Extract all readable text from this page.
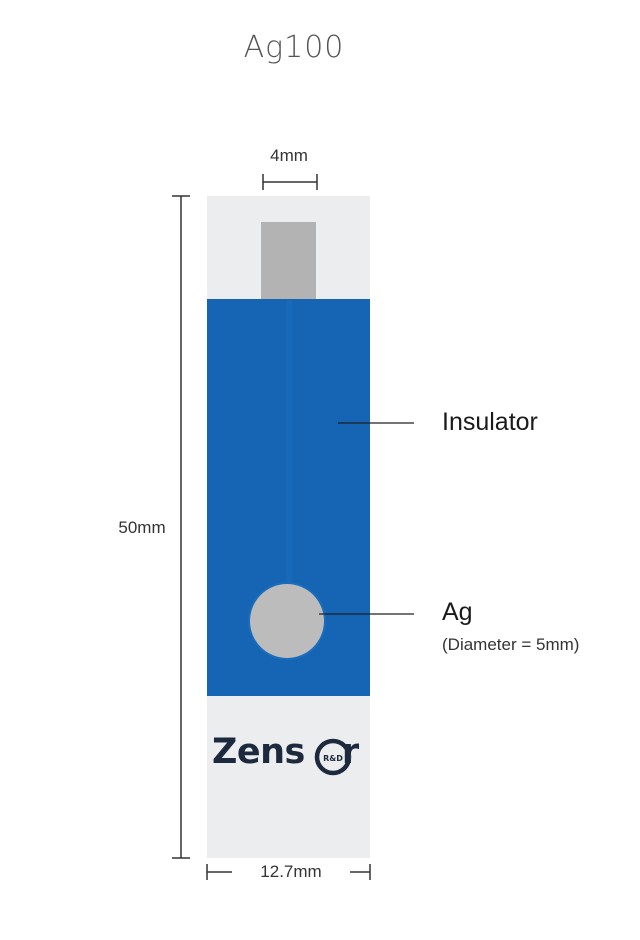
Ag100
4mm
50mm
12.7mm
Insulator
Ag
(Diameter = 5mm)
Zens r
R&D
